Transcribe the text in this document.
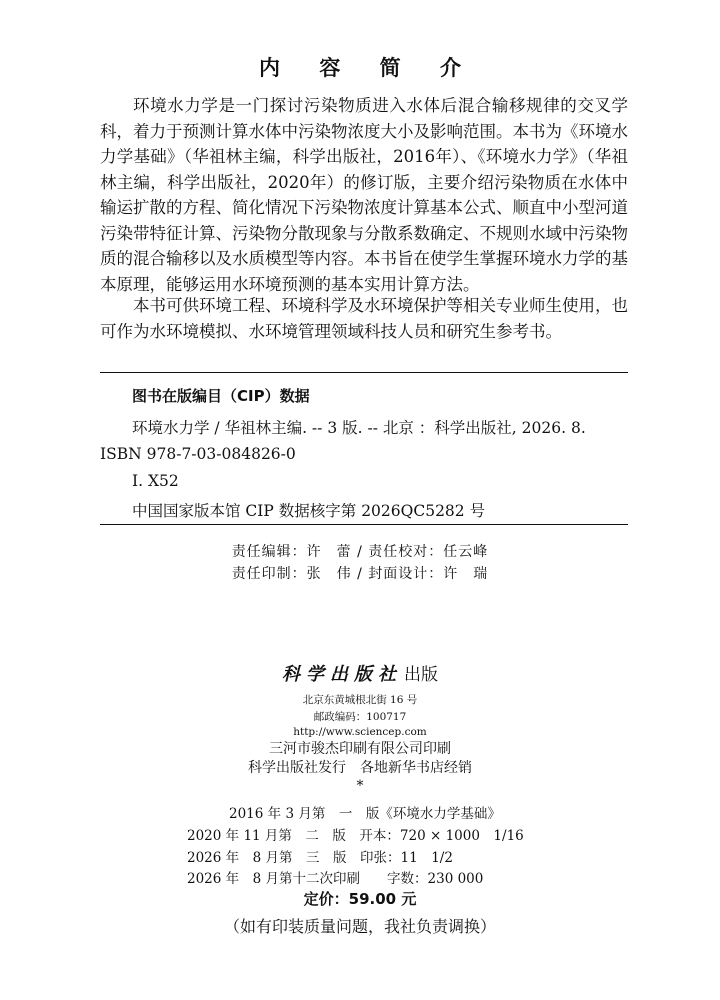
内 容 简 介

环境水力学是一门探讨污染物质进入水体后混合输移规律的交叉学科，着力于预测计算水体中污染物浓度大小及影响范围。本书为《环境水力学基础》（华祖林主编，科学出版社，2016年）、《环境水力学》（华祖林主编，科学出版社，2020年）的修订版，主要介绍污染物质在水体中输运扩散的方程、简化情况下污染物浓度计算基本公式、顺直中小型河道污染带特征计算、污染物分散现象与分散系数确定、不规则水域中污染物质的混合输移以及水质模型等内容。本书旨在使学生掌握环境水力学的基本原理，能够运用水环境预测的基本实用计算方法。

本书可供环境工程、环境科学及水环境保护等相关专业师生使用，也可作为水环境模拟、水环境管理领域科技人员和研究生参考书。

图书在版编目（CIP）数据
环境水力学 / 华祖林主编. -- 3 版. -- 北京 ：科学出版社, 2026. 8.
ISBN 978-7-03-084826-0
Ⅰ. X52
中国国家版本馆 CIP 数据核字第 2026QC5282 号
责任编辑：许　蕾 / 责任校对：任云峰
责任印制：张　伟 / 封面设计：许　瑞
科学出版社 出版
北京东黄城根北街 16 号
邮政编码：100717
http://www.sciencep.com
三河市骏杰印刷有限公司印刷
科学出版社发行　各地新华书店经销
*
2016 年 3 月第　一　版《环境水力学基础》
2020 年 11 月第　二　版　开本：720 × 1000　1/16
2026 年　8 月第　三　版　印张：11　1/2
2026 年　8 月第十二次印刷　　字数：230 000
定价：59.00 元
（如有印装质量问题，我社负责调换）
